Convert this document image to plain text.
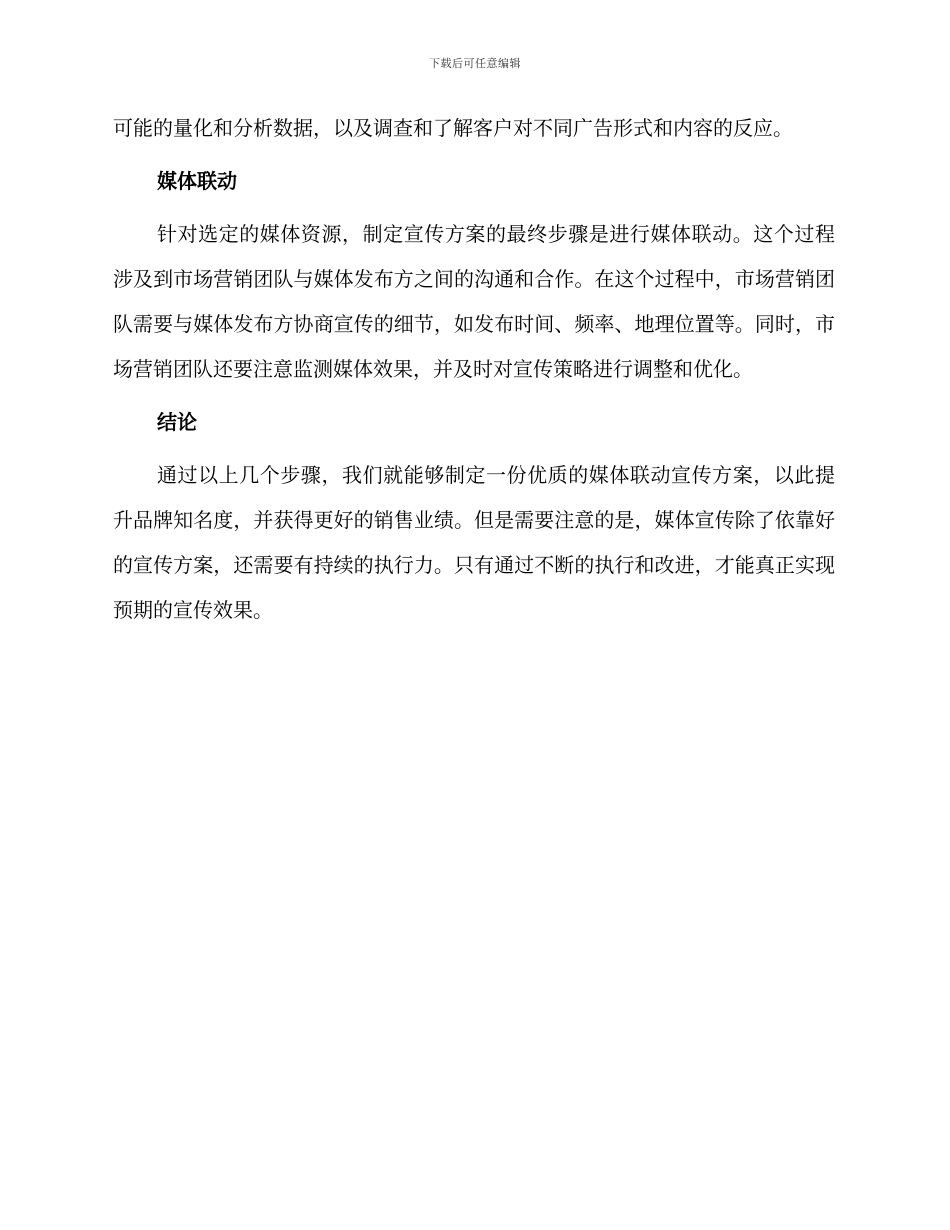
下载后可任意编辑

可能的量化和分析数据，以及调查和了解客户对不同广告形式和内容的反应。

媒体联动

针对选定的媒体资源，制定宣传方案的最终步骤是进行媒体联动。这个过程涉及到市场营销团队与媒体发布方之间的沟通和合作。在这个过程中，市场营销团队需要与媒体发布方协商宣传的细节，如发布时间、频率、地理位置等。同时，市场营销团队还要注意监测媒体效果，并及时对宣传策略进行调整和优化。

结论

通过以上几个步骤，我们就能够制定一份优质的媒体联动宣传方案，以此提升品牌知名度，并获得更好的销售业绩。但是需要注意的是，媒体宣传除了依靠好的宣传方案，还需要有持续的执行力。只有通过不断的执行和改进，才能真正实现预期的宣传效果。
